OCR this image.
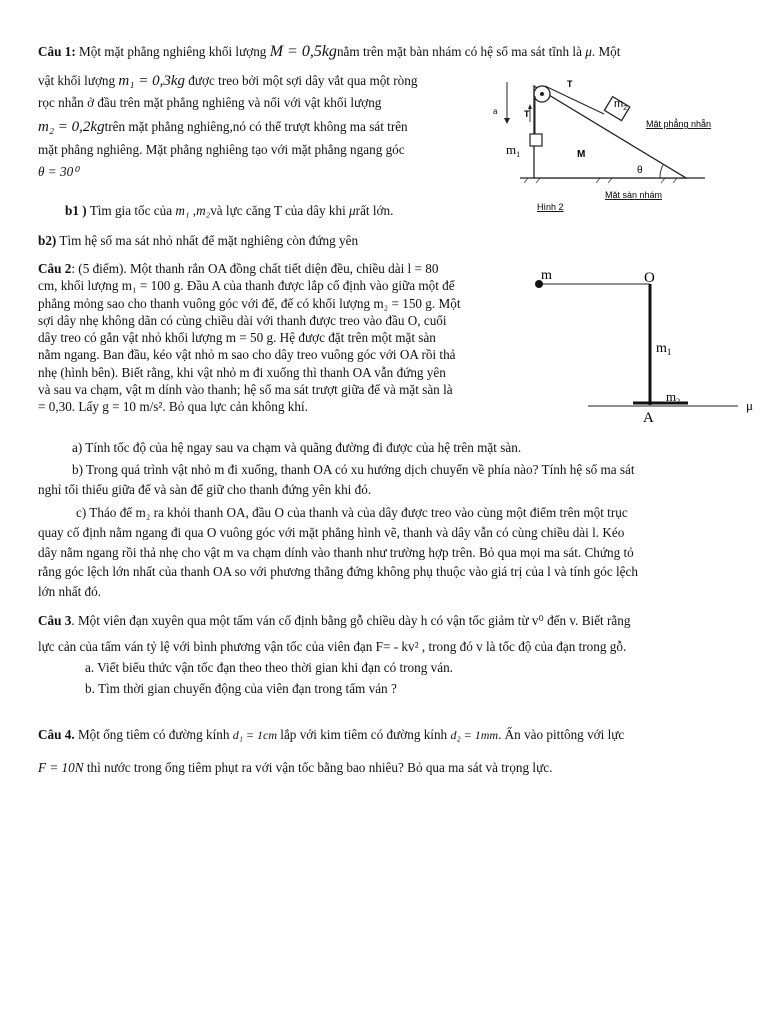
Câu 1: Một mặt phẳng nghiêng khối lượng M = 0,5kgnằm trên mặt bàn nhám có hệ số ma sát tĩnh là μ. Một
vật khối lượng m₁ = 0,3kg được treo bởi một sợi dây vắt qua một ròng
rọc nhẵn ở đầu trên mặt phẳng nghiêng và nối với vật khối lượng
m₂ = 0,2kgtrên mặt phẳng nghiêng,nó có thể trượt không ma sát trên
mặt phẳng nghiêng. Mặt phẳng nghiêng tạo với mặt phẳng ngang góc
θ = 30⁰
b1 ) Tìm gia tốc của m₁ ,m₂và lực căng T của dây khi μrất lớn.
b2) Tìm hệ số ma sát nhỏ nhất để mặt nghiêng còn đứng yên
T
$m_2$
a	T
$m_1$	M
θ
Mặt phẳng nhẵn
Mặt sàn nhám
Hình 2
Câu 2: (5 điểm). Một thanh rắn OA đồng chất tiết diện đều, chiều dài l = 80
cm, khối lượng m₁ = 100 g. Đầu A của thanh được lắp cố định vào giữa một đế
phẳng mỏng sao cho thanh vuông góc với đế, đế có khối lượng m₂ = 150 g. Một
sợi dây nhẹ không dãn có cùng chiều dài với thanh được treo vào đầu O, cuối
dây treo có gắn vật nhỏ khối lượng m = 50 g. Hệ được đặt trên một mặt sàn
nằm ngang. Ban đầu, kéo vật nhỏ m sao cho dây treo vuông góc với OA rồi thả
nhẹ (hình bên). Biết rằng, khi vật nhỏ m đi xuống thì thanh OA vẫn đứng yên
và sau va chạm, vật m dính vào thanh; hệ số ma sát trượt giữa đế và mặt sàn là
= 0,30. Lấy g = 10 m/s². Bỏ qua lực cản không khí.
a) Tính tốc độ của hệ ngay sau va chạm và quãng đường đi được của hệ trên mặt sàn.
b) Trong quá trình vật nhỏ m đi xuống, thanh OA có xu hướng dịch chuyển về phía nào? Tính hệ số ma sát
nghỉ tối thiểu giữa đế và sàn để giữ cho thanh đứng yên khi đó.
c) Tháo đế m₂ ra khỏi thanh OA, đầu O của thanh và của dây được treo vào cùng một điểm trên một trục
quay cố định nằm ngang đi qua O vuông góc với mặt phẳng hình vẽ, thanh và dây vẫn có cùng chiều dài l. Kéo
dây nằm ngang rồi thả nhẹ cho vật m va chạm dính vào thanh như trường hợp trên. Bỏ qua mọi ma sát. Chứng tỏ
rằng góc lệch lớn nhất của thanh OA so với phương thẳng đứng không phụ thuộc vào giá trị của l và tính góc lệch
lớn nhất đó.
m	O
$m_1$
$m_2$	μ
A
Câu 3. Một viên đạn xuyên qua một tấm ván cố định bằng gỗ chiều dày h có vận tốc giảm từ v⁰ đến v. Biết rằng
lực cản của tấm ván tỷ lệ với bình phương vận tốc của viên đạn F= - kv² , trong đó v là tốc độ của đạn trong gỗ.
a. Viết biểu thức vận tốc đạn theo theo thời gian khi đạn có trong ván.
b. Tìm thời gian chuyển động của viên đạn trong tấm ván ?
Câu 4. Một ống tiêm có đường kính d₁ = 1cm lắp với kim tiêm có đường kính d₂ = 1mm. Ấn vào pittông với lực
F = 10N thì nước trong ống tiêm phụt ra với vận tốc bằng bao nhiêu? Bỏ qua ma sát và trọng lực.
